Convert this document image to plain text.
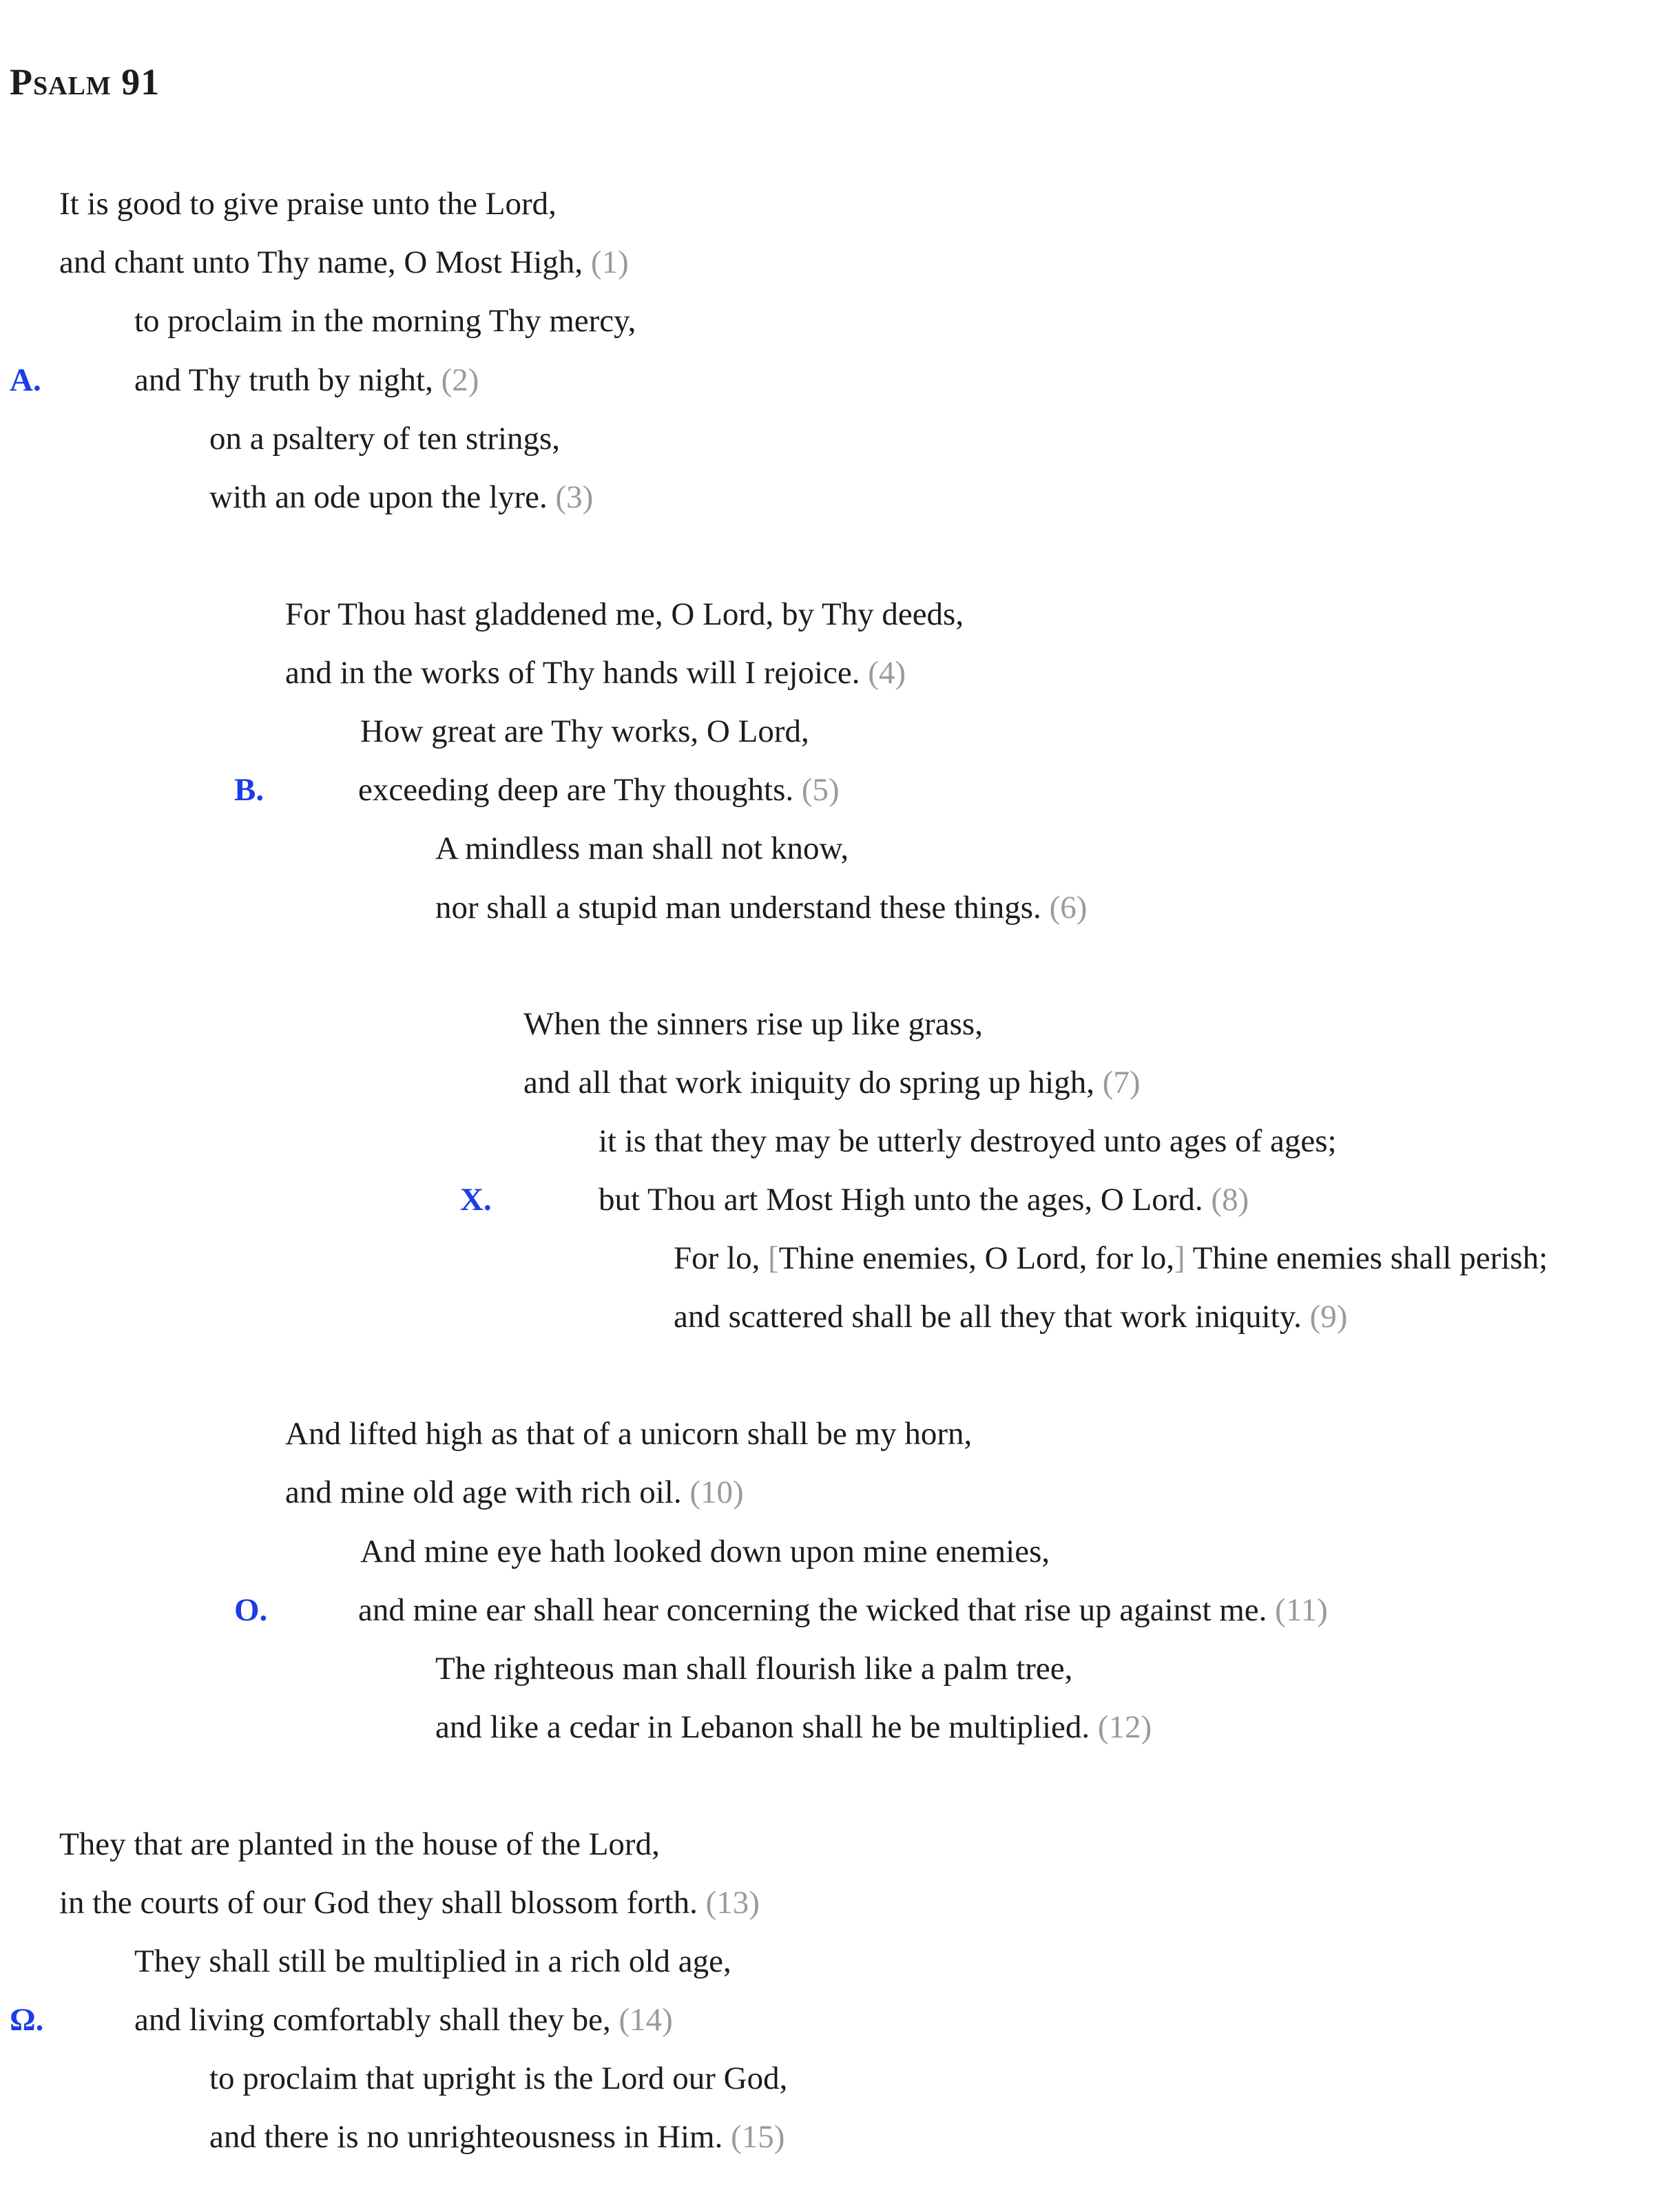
Psalm 91
A.
It is good to give praise unto the Lord,
and chant unto Thy name, O Most High, (1)
to proclaim in the morning Thy mercy,
and Thy truth by night, (2)
on a psaltery of ten strings,
with an ode upon the lyre. (3)
B.
For Thou hast gladdened me, O Lord, by Thy deeds,
and in the works of Thy hands will I rejoice. (4)
How great are Thy works, O Lord,
exceeding deep are Thy thoughts. (5)
A mindless man shall not know,
nor shall a stupid man understand these things. (6)
X.
When the sinners rise up like grass,
and all that work iniquity do spring up high, (7)
it is that they may be utterly destroyed unto ages of ages;
but Thou art Most High unto the ages, O Lord. (8)
For lo, [Thine enemies, O Lord, for lo,] Thine enemies shall perish;
and scattered shall be all they that work iniquity. (9)
O.
And lifted high as that of a unicorn shall be my horn,
and mine old age with rich oil. (10)
And mine eye hath looked down upon mine enemies,
and mine ear shall hear concerning the wicked that rise up against me. (11)
The righteous man shall flourish like a palm tree,
and like a cedar in Lebanon shall he be multiplied. (12)
Ω.
They that are planted in the house of the Lord,
in the courts of our God they shall blossom forth. (13)
They shall still be multiplied in a rich old age,
and living comfortably shall they be, (14)
to proclaim that upright is the Lord our God,
and there is no unrighteousness in Him. (15)
